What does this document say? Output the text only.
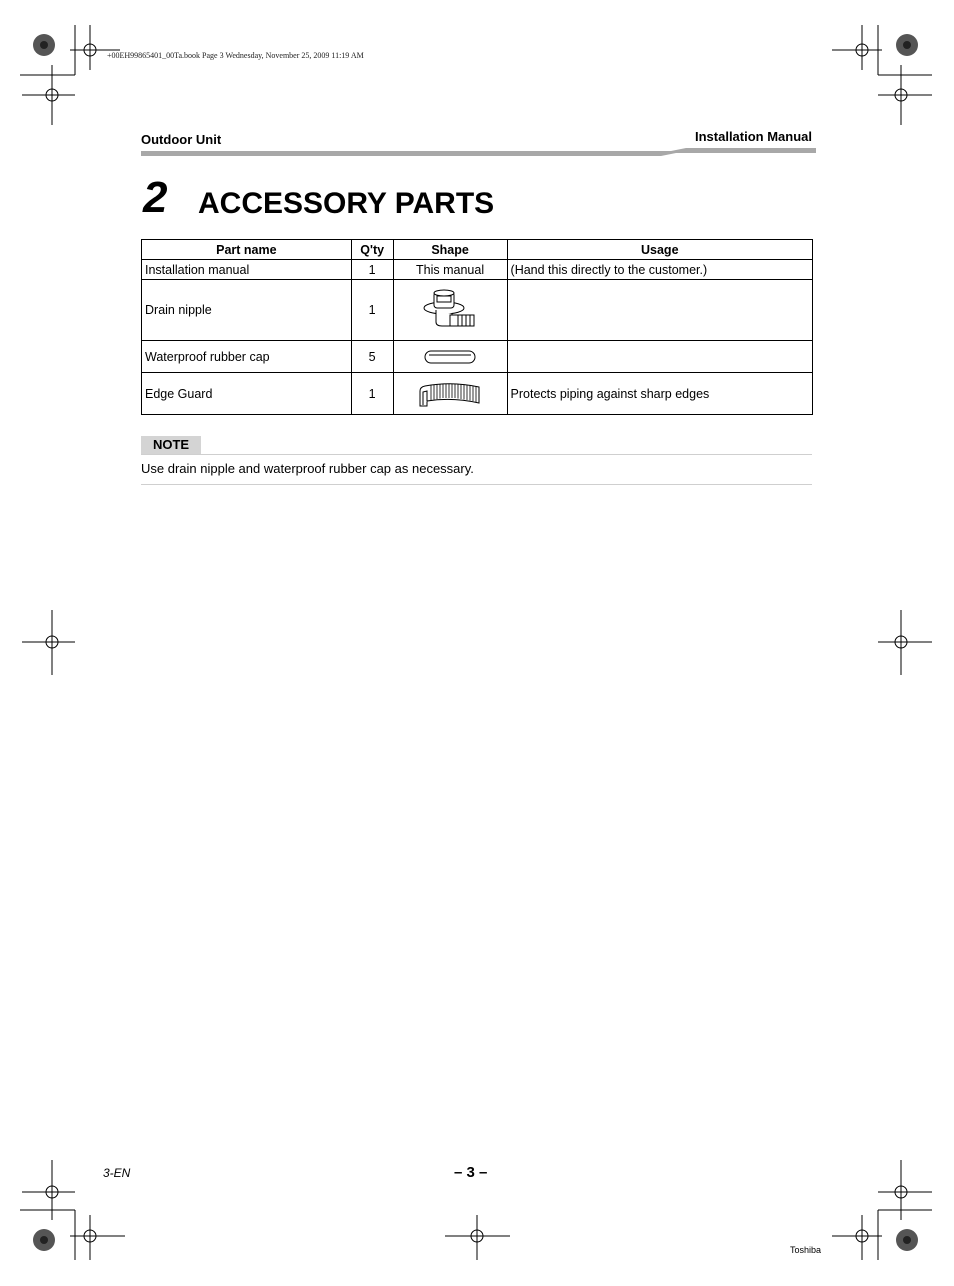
+00EH99865401_00Ta.book Page 3 Wednesday, November 25, 2009 11:19 AM
Outdoor Unit	Installation Manual
2 ACCESSORY PARTS
Part name	Q'ty	Shape	Usage
Installation manual	1	This manual	(Hand this directly to the customer.)
Drain nipple	1	

Waterproof rubber cap	5	

Edge Guard	1		Protects piping against sharp edges
NOTE
Use drain nipple and waterproof rubber cap as necessary.
3-EN	– 3 –
Toshiba
